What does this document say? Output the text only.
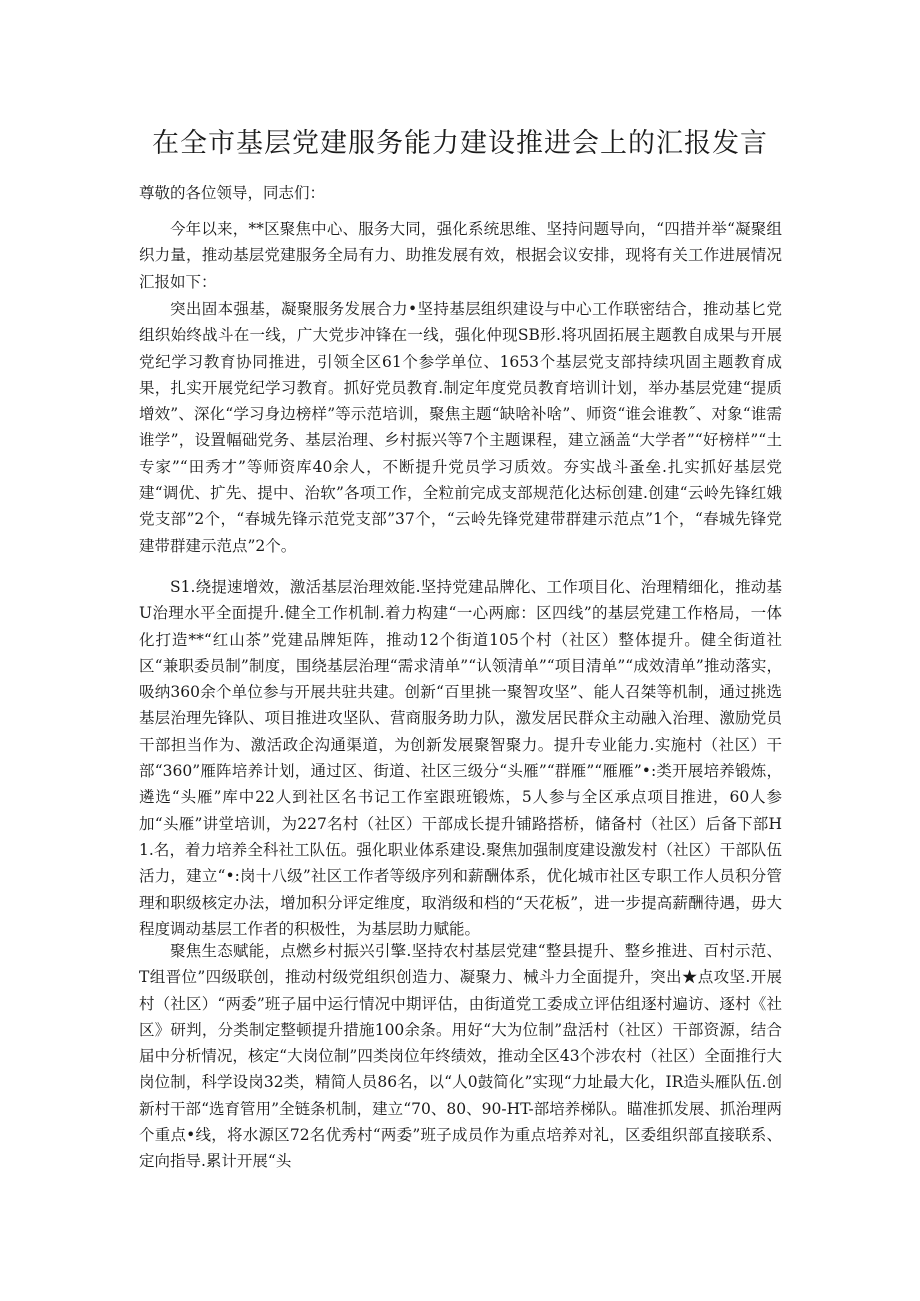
在全市基层党建服务能力建设推进会上的汇报发言

尊敬的各位领导，同志们：

今年以来，**区聚焦中心、服务大同，强化系统思维、坚持问题导向，“四措并举“凝聚组织力量，推动基层党建服务全局有力、助推发展有效，根据会议安排，现将有关工作进展情况汇报如下：

突出固本强基，凝聚服务发展合力•坚持基层组织建设与中心工作联密结合，推动基匕党组织始终战斗在一线，广大党步冲锋在一线，强化仲现SB形.将巩固拓展主题教自成果与开展党纪学习教育协同推进，引领全区61个参学单位、1653个基层党支部持续巩固主题教育成果，扎实开展党纪学习教育。抓好党员教育.制定年度党员教育培训计划，举办基层党建“提质增效”、深化“学习身边榜样”等示范培训，聚焦主题“缺啥补啥”、师资“谁会谁教˝、对象“谁需谁学”，设置幅础党务、基层治理、乡村振兴等7个主题课程，建立涵盖“大学者”“好榜样”“土专家”“田秀才”等师资库40余人，不断提升党员学习质效。夯实战斗蚤垒.扎实抓好基层党建“调优、扩先、提中、治软”各项工作，全粒前完成支部规范化达标创建.创建“云岭先锋红娥党支部”2个，“春城先锋示范党支部”37个，“云岭先锋党建带群建示范点”1个，“春城先锋党建带群建示范点”2个。

S1.绕提速增效，激活基层治理效能.坚持党建品牌化、工作项目化、治理精细化，推动基U治理水平全面提升.健全工作机制.着力构建“一心两廊：区四线”的基层党建工作格局，一体化打造**“红山茶”党建品牌矩阵，推动12个街道105个村（社区）整体提升。健全街道社区“兼职委员制”制度，围绕基层治理“需求清单”“认领清单”“项目清单”“成效清单”推动落实，吸纳360余个单位参与开展共驻共建。创新“百里挑一聚智攻坚”、能人召桀等机制，通过挑选基层治理先锋队、项目推进攻坚队、营商服务助力队，激发居民群众主动融入治理、激励党员干部担当作为、激活政企沟通渠道，为创新发展聚智聚力。提升专业能力.实施村（社区）干部“360”雁阵培养计划，通过区、街道、社区三级分“头雁”“群雁”“雁雁”•:类开展培养锻炼，遴选“头雁”库中22人到社区名书记工作室跟班锻炼，5人参与全区承点项目推进，60人参加“头雁”讲堂培训，为227名村（社区）干部成长提升铺路搭桥，储备村（社区）后备下部H1.名，着力培养全科社工队伍。强化职业体系建设.聚焦加强制度建设激发村（社区）干部队伍活力，建立“•:岗十八级”社区工作者等级序列和薪酬体系，优化城市社区专职工作人员积分管理和职级核定办法，增加积分评定维度，取消级和档的“天花板”，进一步提高薪酬待遇，毋大程度调动基层工作者的积极性，为基层助力赋能。

聚焦生态赋能，点燃乡村振兴引擎.坚持农村基层党建“整县提升、整乡推进、百村示范、T组晋位”四级联创，推动村级党组织创造力、凝聚力、械斗力全面提升，突出★点攻坚.开展村（社区）“两委”班子届中运行情况中期评估，由街道党工委成立评估组逐村遍访、逐村《社区》研判，分类制定整顿提升措施100余条。用好“大为位制”盘活村（社区）干部资源，结合届中分析情况，核定“大岗位制”四类岗位年终绩效，推动全区43个涉农村（社区）全面推行大岗位制，科学设岗32类，精简人员86名，以“人0鼓简化”实现“力址最大化，IR造头雁队伍.创新村干部“选育管用”全链条机制，建立“70、80、90-HT-部培养梯队。瞄准抓发展、抓治理两个重点•线，将水源区72名优秀村“两委”班子成员作为重点培养对礼，区委组织部直接联系、定向指导.累计开展“头
